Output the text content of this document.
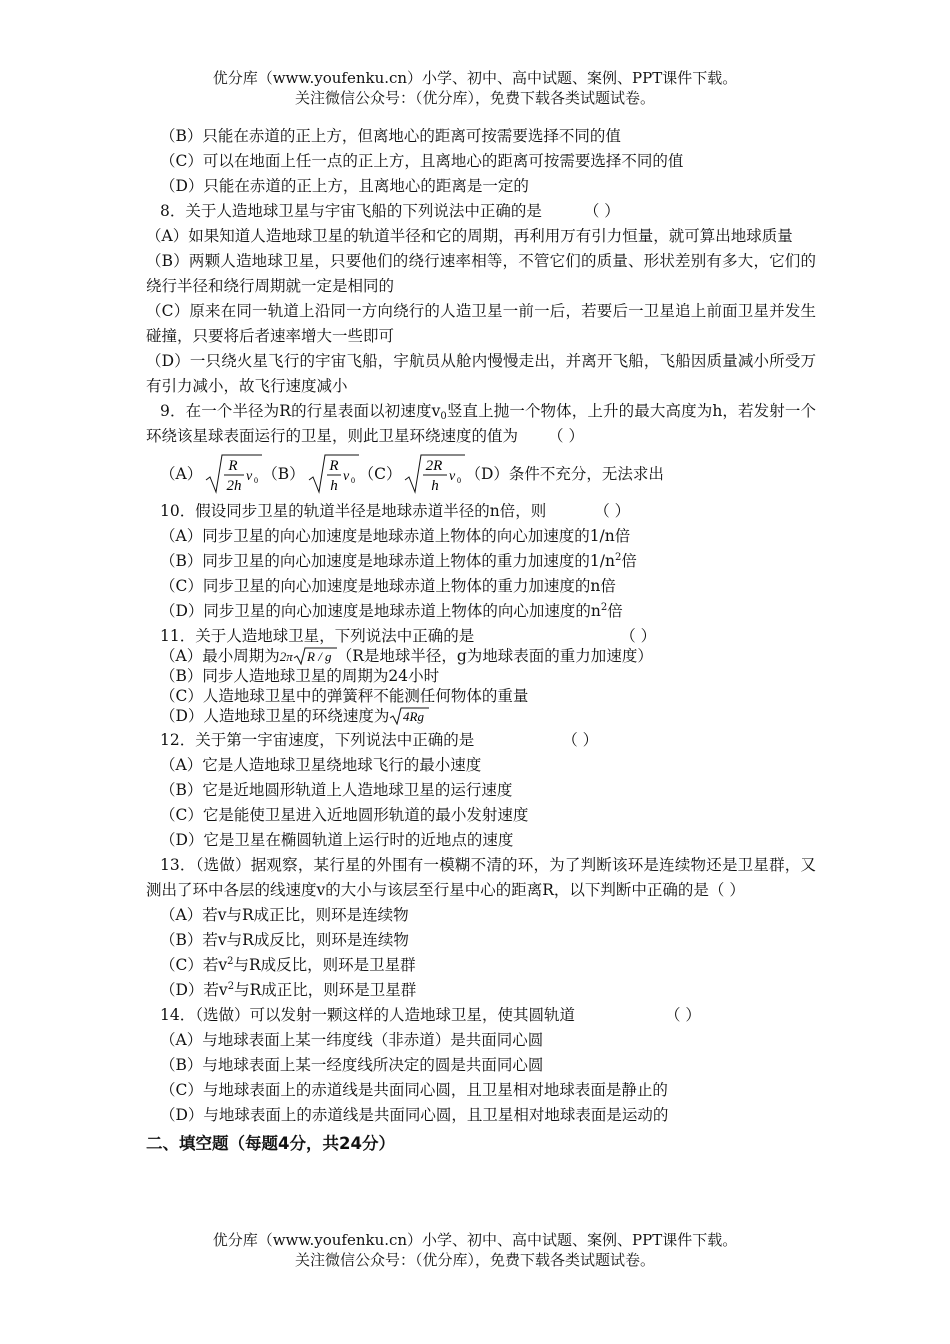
优分库（www.youfenku.cn）小学、初中、高中试题、案例、PPT课件下载。
关注微信公众号：（优分库），免费下载各类试题试卷。
（B）只能在赤道的正上方，但离地心的距离可按需要选择不同的值
（C）可以在地面上任一点的正上方，且离地心的距离可按需要选择不同的值
（D）只能在赤道的正上方，且离地心的距离是一定的
8．关于人造地球卫星与宇宙飞船的下列说法中正确的是	（ ）
（A）如果知道人造地球卫星的轨道半径和它的周期，再利用万有引力恒量，就可算出地球质量
（B）两颗人造地球卫星，只要他们的绕行速率相等，不管它们的质量、形状差别有多大，它们的绕行半径和绕行周期就一定是相同的
（C）原来在同一轨道上沿同一方向绕行的人造卫星一前一后，若要后一卫星追上前面卫星并发生碰撞，只要将后者速率增大一些即可
（D）一只绕火星飞行的宇宙飞船，宇航员从舱内慢慢走出，并离开飞船，飞船因质量减小所受万有引力减小，故飞行速度减小
9．在一个半径为R的行星表面以初速度$v_0$竖直上抛一个物体，上升的最大高度为h，若发射一个环绕该星球表面运行的卫星，则此卫星环绕速度的值为 （ ）
（A） R
2h
v 0 （B） R
h
v 0 （C） 2R
h
v 0 （D）条件不充分，无法求出
10．假设同步卫星的轨道半径是地球赤道半径的n倍，则	（ ）
（A）同步卫星的向心加速度是地球赤道上物体的向心加速度的1/n倍
（B）同步卫星的向心加速度是地球赤道上物体的重力加速度的$1/n^2$倍
（C）同步卫星的向心加速度是地球赤道上物体的重力加速度的n倍
（D）同步卫星的向心加速度是地球赤道上物体的向心加速度的$n^2$倍
11．关于人造地球卫星，下列说法中正确的是	（ ）
（A）最小周期为2π R / g （R是地球半径，g为地球表面的重力加速度）
（B）同步人造地球卫星的周期为24小时
（C）人造地球卫星中的弹簧秤不能测任何物体的重量
（D）人造地球卫星的环绕速度为 4Rg
12．关于第一宇宙速度，下列说法中正确的是	（ ）
（A）它是人造地球卫星绕地球飞行的最小速度
（B）它是近地圆形轨道上人造地球卫星的运行速度
（C）它是能使卫星进入近地圆形轨道的最小发射速度
（D）它是卫星在椭圆轨道上运行时的近地点的速度
13．（选做）据观察，某行星的外围有一模糊不清的环，为了判断该环是连续物还是卫星群，又测出了环中各层的线速度v的大小与该层至行星中心的距离R，以下判断中正确的是（ ）
（A）若v与R成正比，则环是连续物
（B）若v与R成反比，则环是连续物
（C）若$v^2$与R成反比，则环是卫星群
（D）若$v^2$与R成正比，则环是卫星群
14．（选做）可以发射一颗这样的人造地球卫星，使其圆轨道	（ ）
（A）与地球表面上某一纬度线（非赤道）是共面同心圆
（B）与地球表面上某一经度线所决定的圆是共面同心圆
（C）与地球表面上的赤道线是共面同心圆，且卫星相对地球表面是静止的
（D）与地球表面上的赤道线是共面同心圆，且卫星相对地球表面是运动的
二、填空题（每题4分，共24分）
优分库（www.youfenku.cn）小学、初中、高中试题、案例、PPT课件下载。
关注微信公众号：（优分库），免费下载各类试题试卷。
